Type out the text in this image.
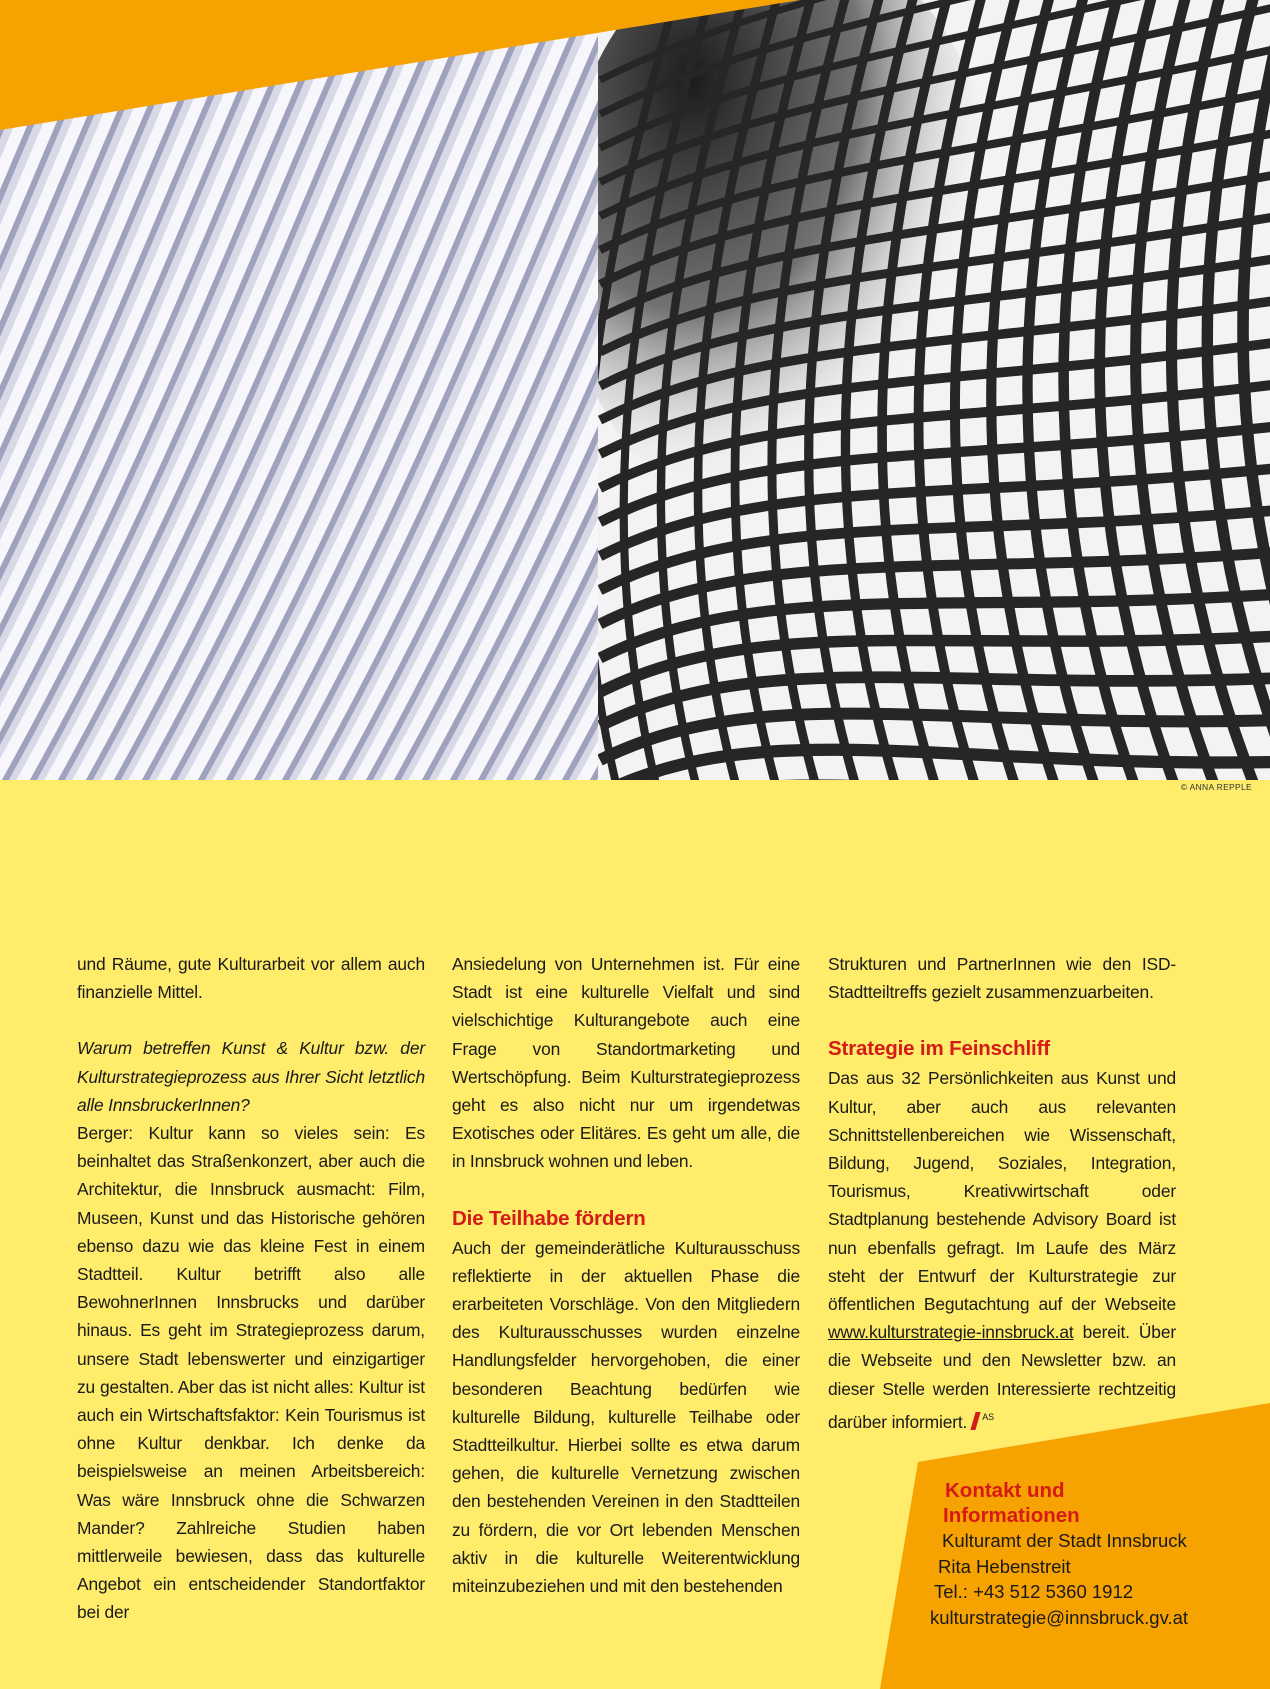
© ANNA REPPLE

und Räume, gute Kulturarbeit vor allem auch finanzielle Mittel.

Warum betreffen Kunst & Kultur bzw. der Kulturstrategieprozess aus Ihrer Sicht letztlich alle InnsbruckerInnen?

Berger: Kultur kann so vieles sein: Es beinhaltet das Straßenkonzert, aber auch die Architektur, die Innsbruck ausmacht: Film, Museen, Kunst und das Historische gehören ebenso dazu wie das kleine Fest in einem Stadtteil. Kultur betrifft also alle BewohnerInnen Innsbrucks und darüber hinaus. Es geht im Strategieprozess darum, unsere Stadt lebenswerter und einzigartiger zu gestalten. Aber das ist nicht alles: Kultur ist auch ein Wirtschaftsfaktor: Kein Tourismus ist ohne Kultur denkbar. Ich denke da beispielsweise an meinen Arbeitsbereich: Was wäre Innsbruck ohne die Schwarzen Mander? Zahlreiche Studien haben mittlerweile bewiesen, dass das kulturelle Angebot ein entscheidender Standortfaktor bei der

Ansiedelung von Unternehmen ist. Für eine Stadt ist eine kulturelle Vielfalt und sind vielschichtige Kulturangebote auch eine Frage von Standortmarketing und Wertschöpfung. Beim Kulturstrategieprozess geht es also nicht nur um irgendetwas Exotisches oder Elitäres. Es geht um alle, die in Innsbruck wohnen und leben.

Die Teilhabe fördern

Auch der gemeinderätliche Kulturausschuss reflektierte in der aktuellen Phase die erarbeiteten Vorschläge. Von den Mitgliedern des Kulturausschusses wurden einzelne Handlungsfelder hervorgehoben, die einer besonderen Beachtung bedürfen wie kulturelle Bildung, kulturelle Teilhabe oder Stadtteilkultur. Hierbei sollte es etwa darum gehen, die kulturelle Vernetzung zwischen den bestehenden Vereinen in den Stadtteilen zu fördern, die vor Ort lebenden Menschen aktiv in die kulturelle Weiterentwicklung miteinzubeziehen und mit den bestehenden

Strukturen und PartnerInnen wie den ISD-Stadtteiltreffs gezielt zusammenzuarbeiten.

Strategie im Feinschliff

Das aus 32 Persönlichkeiten aus Kunst und Kultur, aber auch aus relevanten Schnittstellenbereichen wie Wissenschaft, Bildung, Jugend, Soziales, Integration, Tourismus, Kreativwirtschaft oder Stadtplanung bestehende Advisory Board ist nun ebenfalls gefragt. Im Laufe des März steht der Entwurf der Kulturstrategie zur öffentlichen Begutachtung auf der Webseite www.kulturstrategie-innsbruck.at bereit. Über die Webseite und den Newsletter bzw. an dieser Stelle werden Interessierte rechtzeitig darüber informiert. $^{AS}$

Kontakt und
Informationen
Kulturamt der Stadt Innsbruck
Rita Hebenstreit
Tel.: +43 512 5360 1912
kulturstrategie@innsbruck.gv.at
